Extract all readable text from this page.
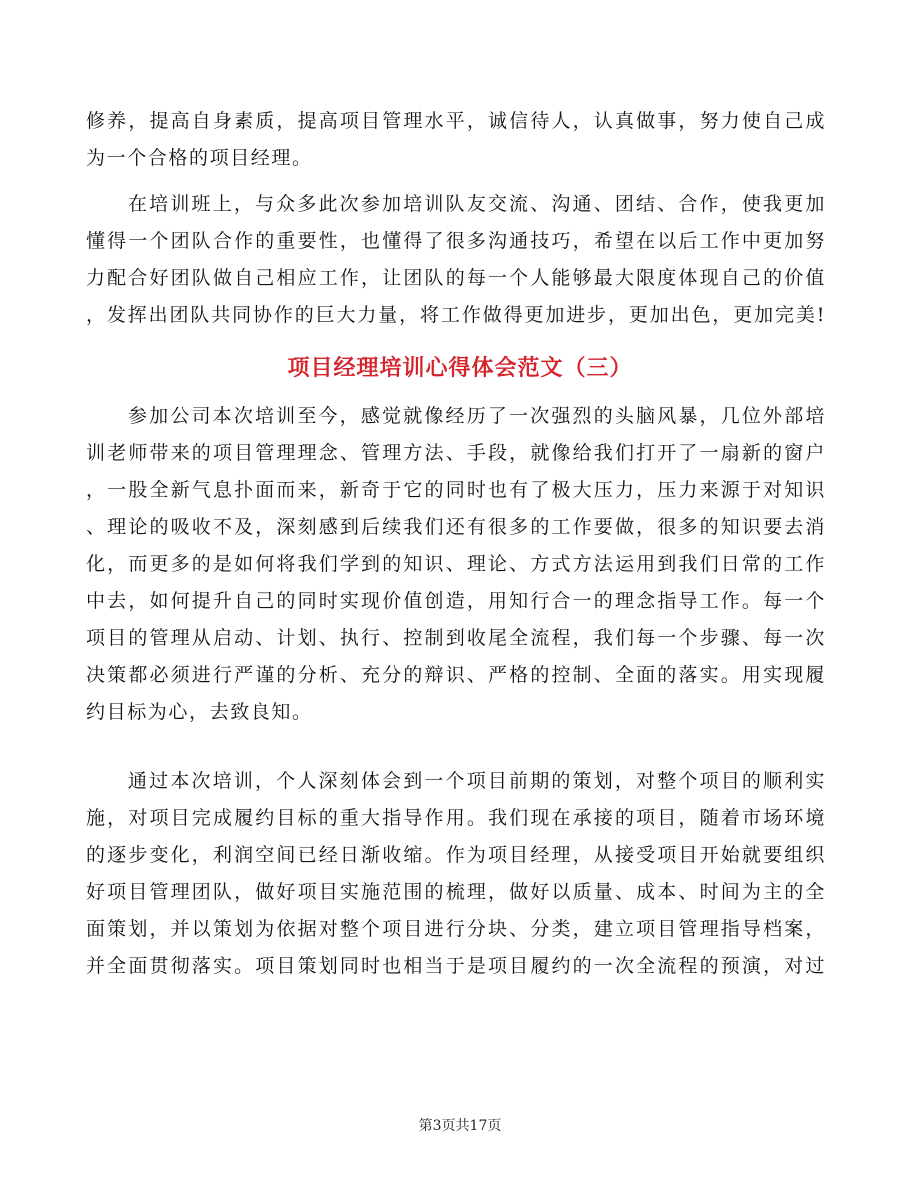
修养，提高自身素质，提高项目管理水平，诚信待人，认真做事，努力使自己成
为一个合格的项目经理。
在培训班上，与众多此次参加培训队友交流、沟通、团结、合作，使我更加
懂得一个团队合作的重要性，也懂得了很多沟通技巧，希望在以后工作中更加努
力配合好团队做自己相应工作，让团队的每一个人能够最大限度体现自己的价值
，发挥出团队共同协作的巨大力量，将工作做得更加进步，更加出色，更加完美!
项目经理培训心得体会范文（三）
参加公司本次培训至今，感觉就像经历了一次强烈的头脑风暴，几位外部培
训老师带来的项目管理理念、管理方法、手段，就像给我们打开了一扇新的窗户
，一股全新气息扑面而来，新奇于它的同时也有了极大压力，压力来源于对知识
、理论的吸收不及，深刻感到后续我们还有很多的工作要做，很多的知识要去消
化，而更多的是如何将我们学到的知识、理论、方式方法运用到我们日常的工作
中去，如何提升自己的同时实现价值创造，用知行合一的理念指导工作。每一个
项目的管理从启动、计划、执行、控制到收尾全流程，我们每一个步骤、每一次
决策都必须进行严谨的分析、充分的辩识、严格的控制、全面的落实。用实现履
约目标为心，去致良知。
通过本次培训，个人深刻体会到一个项目前期的策划，对整个项目的顺利实
施，对项目完成履约目标的重大指导作用。我们现在承接的项目，随着市场环境
的逐步变化，利润空间已经日渐收缩。作为项目经理，从接受项目开始就要组织
好项目管理团队，做好项目实施范围的梳理，做好以质量、成本、时间为主的全
面策划，并以策划为依据对整个项目进行分块、分类，建立项目管理指导档案，
并全面贯彻落实。项目策划同时也相当于是项目履约的一次全流程的预演，对过
第3页共17页
